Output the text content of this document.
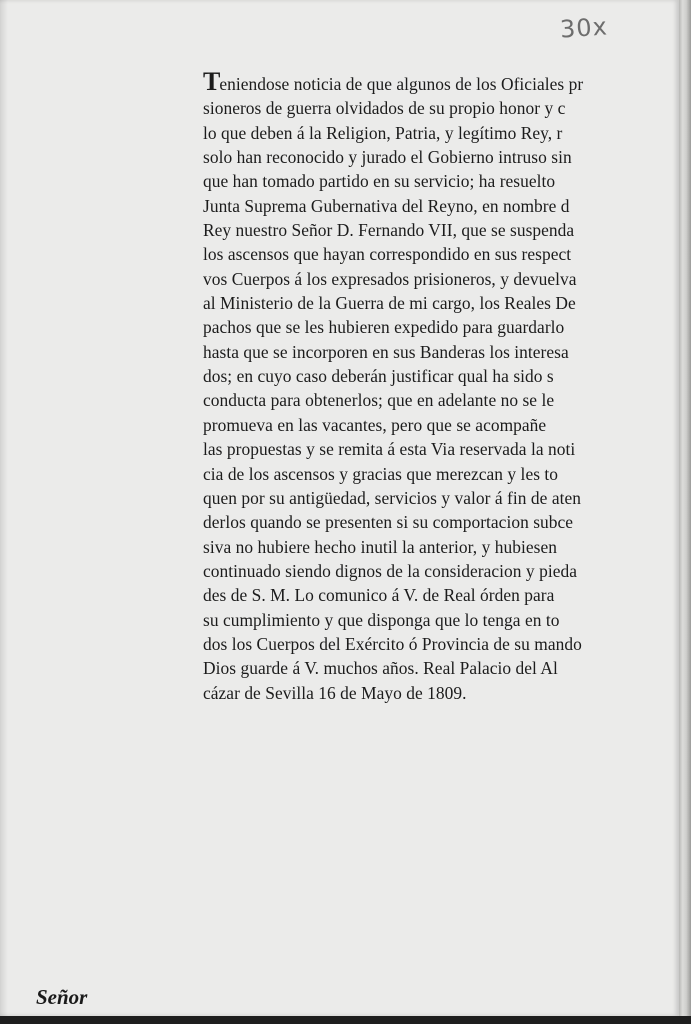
30x
Teniendose noticia de que algunos de los Oficiales pr
sioneros de guerra olvidados de su propio honor y c
lo que deben á la Religion, Patria, y legítimo Rey, r
solo han reconocido y jurado el Gobierno intruso sin
que han tomado partido en su servicio; ha resuelto
Junta Suprema Gubernativa del Reyno, en nombre d
Rey nuestro Señor D. Fernando VII, que se suspenda
los ascensos que hayan correspondido en sus respect
vos Cuerpos á los expresados prisioneros, y devuelva
al Ministerio de la Guerra de mi cargo, los Reales De
pachos que se les hubieren expedido para guardarlo
hasta que se incorporen en sus Banderas los interesa
dos; en cuyo caso deberán justificar qual ha sido s
conducta para obtenerlos; que en adelante no se le
promueva en las vacantes, pero que se acompañe
las propuestas y se remita á esta Via reservada la noti
cia de los ascensos y gracias que merezcan y les to
quen por su antigüedad, servicios y valor á fin de aten
derlos quando se presenten si su comportacion subce
siva no hubiere hecho inutil la anterior, y hubiesen
continuado siendo dignos de la consideracion y pieda
des de S. M. Lo comunico á V. de Real órden para
su cumplimiento y que disponga que lo tenga en to
dos los Cuerpos del Exército ó Provincia de su mando
Dios guarde á V. muchos años. Real Palacio del Al
cázar de Sevilla 16 de Mayo de 1809.
Señor
